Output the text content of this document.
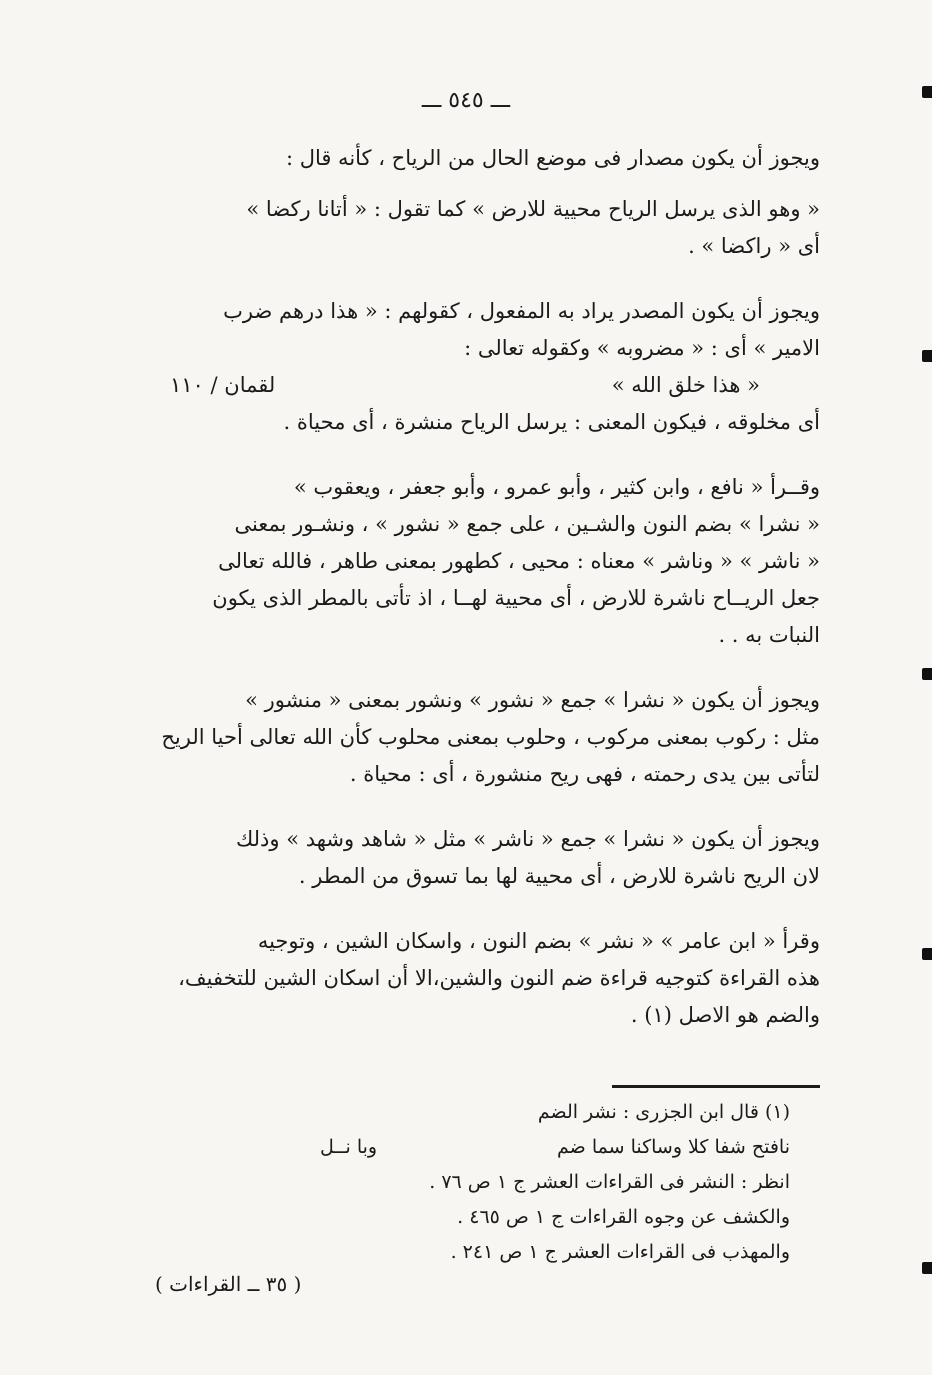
ـــ ٥٤٥ ـــ

ويجوز أن يكون مصدار فى موضع الحال من الرياح ، كأنه قال :

« وهو الذى يرسل الرياح محيية للارض » كما تقول : « أتانا ركضا »
أى « راكضا » .

ويجوز أن يكون المصدر يراد به المفعول ، كقولهم : « هذا درهم ضرب
الامير » أى : « مضروبه » وكقوله تعالى :

« هذا خلق الله »
لقمان / ١١٠

أى مخلوقه ، فيكون المعنى : يرسل الرياح منشرة ، أى محياة .

وقــرأ « نافع ، وابن كثير ، وأبو عمرو ، وأبو جعفر ، ويعقوب »
« نشرا » بضم النون والشـين ، على جمع « نشور » ، ونشـور بمعنى
« ناشر » « وناشر » معناه : محيى ، كطهور بمعنى طاهر ، فالله تعالى
جعل الريــاح ناشرة للارض ، أى محيية لهــا ، اذ تأتى بالمطر الذى يكون
النبات به . .

ويجوز أن يكون « نشرا » جمع « نشور » ونشور بمعنى « منشور »
مثل : ركوب بمعنى مركوب ، وحلوب بمعنى محلوب كأن الله تعالى أحيا الريح
لتأتى بين يدى رحمته ، فهى ريح منشورة ، أى : محياة .

ويجوز أن يكون « نشرا » جمع « ناشر » مثل « شاهد وشهد » وذلك
لان الريح ناشرة للارض ، أى محيية لها بما تسوق من المطر .

وقرأ « ابن عامر » « نشر » بضم النون ، واسكان الشين ، وتوجيه
هذه القراءة كتوجيه قراءة ضم النون والشين،الا أن اسكان الشين للتخفيف،
والضم هو الاصل (١) .

(١) قال ابن الجزرى : نشر الضم
نافتح شفا كلا وساكنا سما ضم
وبا نــل
انظر : النشر فى القراءات العشر ج ١ ص ٧٦ .
والكشف عن وجوه القراءات ج ١ ص ٤٦٥ .
والمهذب فى القراءات العشر ج ١ ص ٢٤١ .
( ٣٥ ــ القراءات )
